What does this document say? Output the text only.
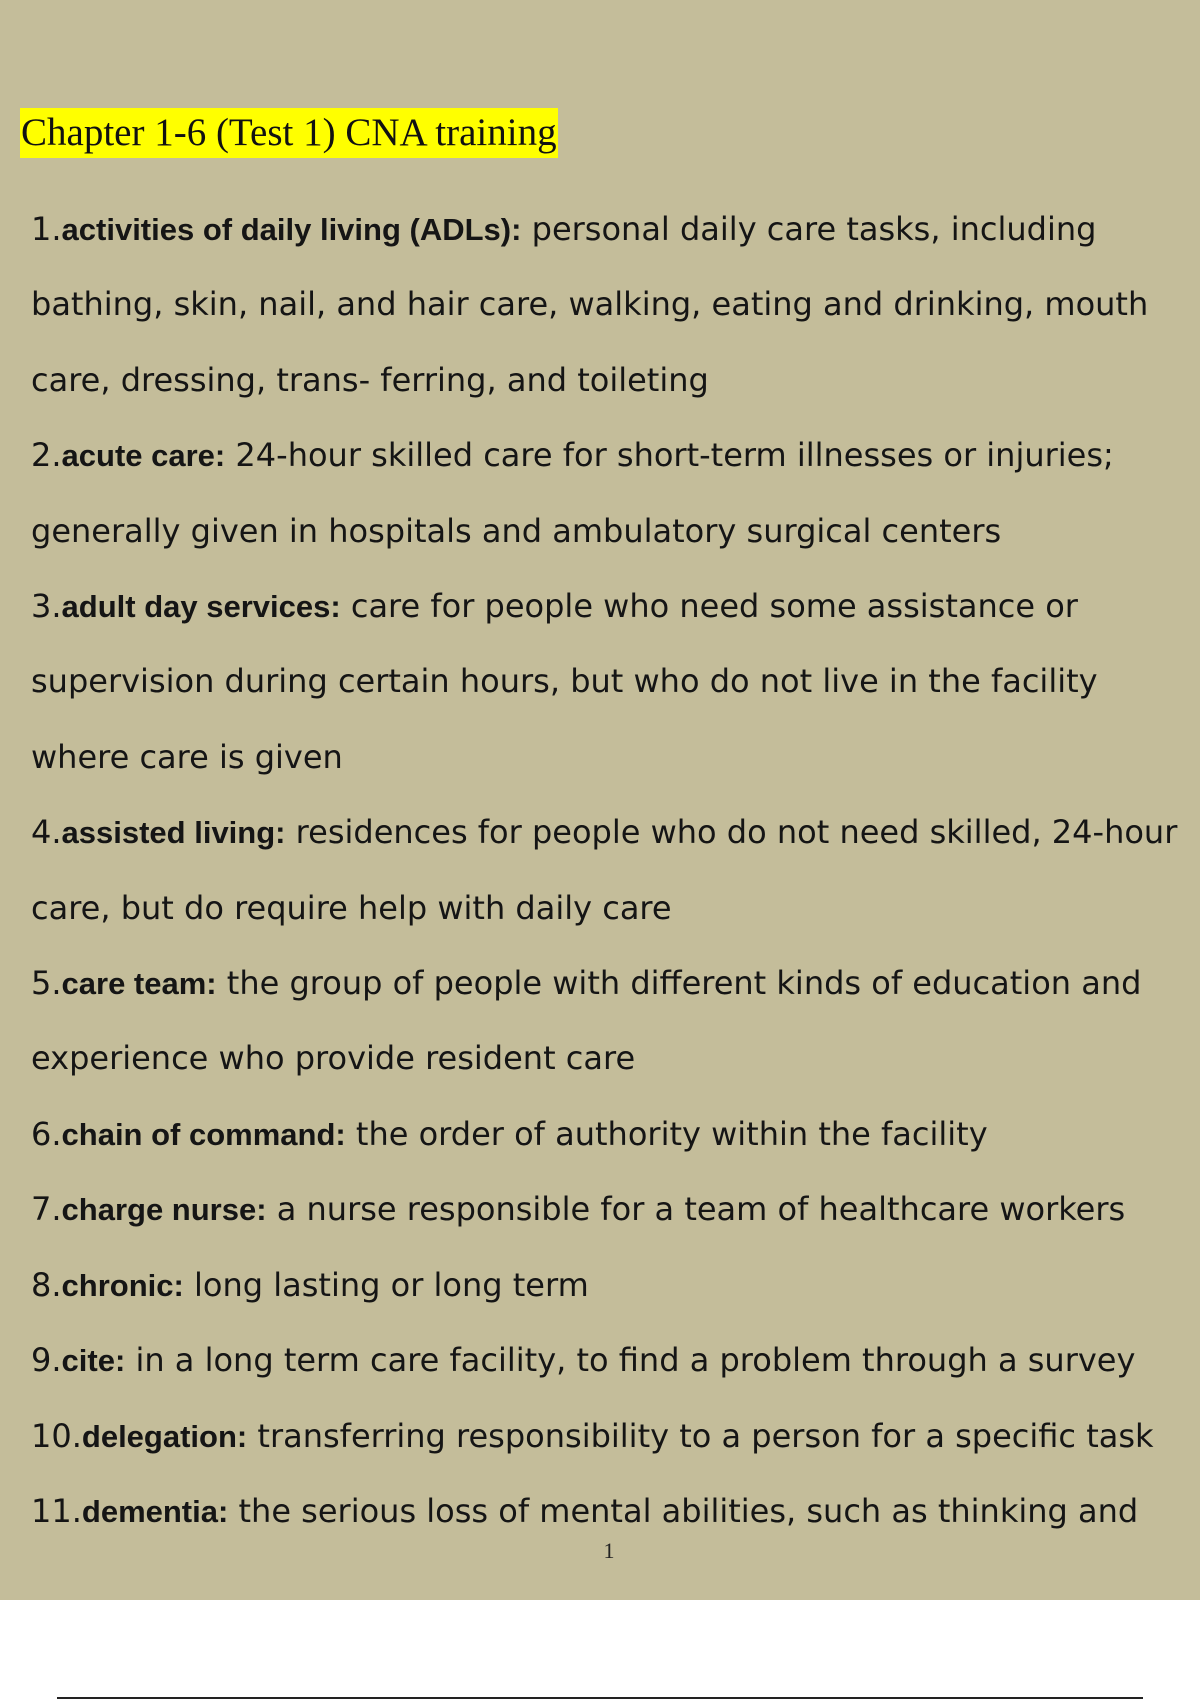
Chapter 1-6 (Test 1) CNA training
1.activities of daily living (ADLs): personal daily care tasks, including bathing, skin, nail, and hair care, walking, eating and drinking, mouth care, dressing, trans- ferring, and toileting
2.acute care: 24-hour skilled care for short-term illnesses or injuries; generally given in hospitals and ambulatory surgical centers
3.adult day services: care for people who need some assistance or supervision during certain hours, but who do not live in the facility where care is given
4.assisted living: residences for people who do not need skilled, 24-hour care, but do require help with daily care
5.care team: the group of people with different kinds of education and experience who provide resident care
6.chain of command: the order of authority within the facility
7.charge nurse: a nurse responsible for a team of healthcare workers
8.chronic: long lasting or long term
9.cite: in a long term care facility, to find a problem through a survey
10.delegation: transferring responsibility to a person for a specific task
11.dementia: the serious loss of mental abilities, such as thinking and
1
